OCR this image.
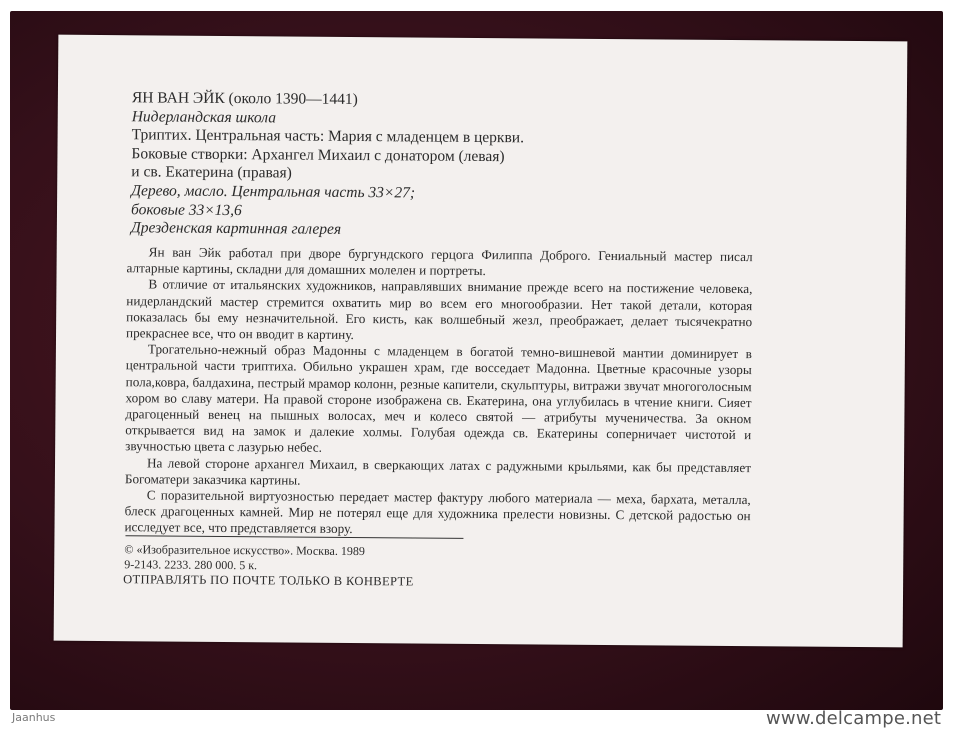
ЯН ВАН ЭЙК (около 1390—1441)
Нидерландская школа
Триптих. Центральная часть: Мария с младенцем в церкви.
Боковые створки: Архангел Михаил с донатором (левая)
и св. Екатерина (правая)
Дерево, масло. Центральная часть 33×27;
боковые 33×13,6
Дрезденская картинная галерея

Ян ван Эйк работал при дворе бургундского герцога Филиппа Доброго. Гениальный мастер писал алтарные картины, складни для домашних молелен и портреты.

В отличие от итальянских художников, направлявших внимание прежде всего на постижение человека, нидерландский мастер стремится охватить мир во всем его многообразии. Нет такой детали, которая показалась бы ему незначительной. Его кисть, как волшебный жезл, преображает, делает тысячекратно прекраснее все, что он вводит в картину.

Трогательно-нежный образ Мадонны с младенцем в богатой темно-вишневой мантии доминирует в центральной части триптиха. Обильно украшен храм, где восседает Мадонна. Цветные красочные узоры пола,ковра, балдахина, пестрый мрамор колонн, резные капители, скульптуры, витражи звучат многоголосным хором во славу матери. На правой стороне изображена св. Екатерина, она углубилась в чтение книги. Сияет драгоценный венец на пышных волосах, меч и колесо святой — атрибуты мученичества. За окном открывается вид на замок и далекие холмы. Голубая одежда св. Екатерины соперничает чистотой и звучностью цвета с лазурью небес.

На левой стороне архангел Михаил, в сверкающих латах с радужными крыльями, как бы представляет Богоматери заказчика картины.

С поразительной виртуозностью передает мастер фактуру любого материала — меха, бархата, металла, блеск драгоценных камней. Мир не потерял еще для художника прелести новизны. С детской радостью он исследует все, что представляется взору.

© «Изобразительное искусство». Москва. 1989
9-2143. 2233. 280 000. 5 к.
ОТПРАВЛЯТЬ ПО ПОЧТЕ ТОЛЬКО В КОНВЕРТЕ
Jaanhus	www.delcampe.net
